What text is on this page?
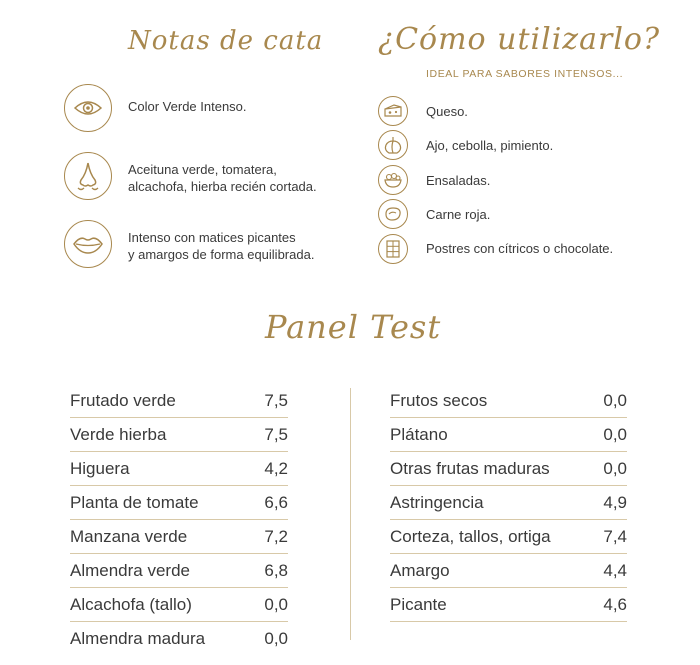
Notas de cata ¿Cómo utilizarlo?
IDEAL PARA SABORES INTENSOS...
Color Verde Intenso.
Aceituna verde, tomatera,
alcachofa, hierba recién cortada.
Intenso con matices picantes
y amargos de forma equilibrada.
Queso.
Ajo, cebolla, pimiento.
Ensaladas.
Carne roja.
Postres con cítricos o chocolate.
Panel Test
Frutado verde	7,5
Verde hierba	7,5
Higuera	4,2
Planta de tomate	6,6
Manzana verde	7,2
Almendra verde	6,8
Alcachofa (tallo)	0,0
Almendra madura	0,0
Frutos secos	0,0
Plátano	0,0
Otras frutas maduras	0,0
Astringencia	4,9
Corteza, tallos, ortiga	7,4
Amargo	4,4
Picante	4,6
